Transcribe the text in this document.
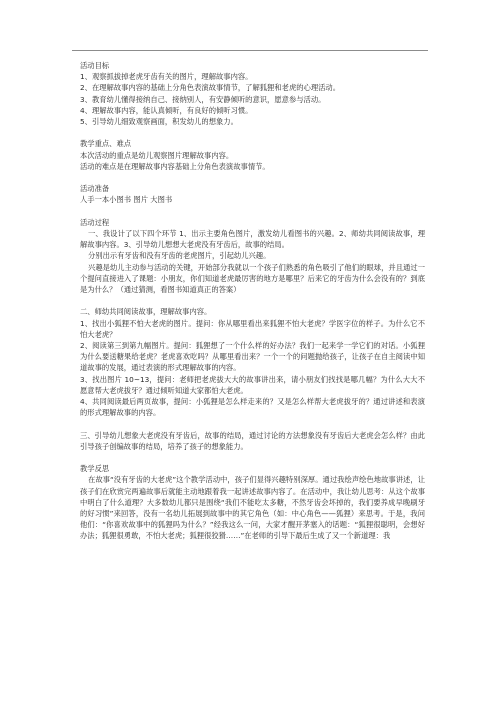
活动目标
1、观察抓拔掉老虎牙齿有关的图片，理解故事内容。
2、在理解故事内容的基础上分角色表演故事情节，了解狐狸和老虎的心理活动。
3、教育幼儿懂得接纳自己、接纳别人，有安静倾听的意识，愿意参与活动。
4、理解故事内容，能认真倾听，有良好的倾听习惯。
5、引导幼儿细致观察画面，积发幼儿的想象力。
教学重点、难点
本次活动的重点是幼儿观察图片理解故事内容。
活动的难点是在理解故事内容基础上分角色表演故事情节。
活动准备
人手一本小图书 图片 大图书
活动过程

一、我设计了以下四个环节 1、出示主要角色图片，激发幼儿看图书的兴趣。2、师幼共同阅读故事，理解故事内容。3、引导幼儿想想大老虎没有牙齿后，故事的结局。

分别出示有牙齿和没有牙齿的老虎图片，引起幼儿兴趣。

兴趣是幼儿主动参与活动的关键，开始部分我就以一个孩子们熟悉的角色吸引了他们的眼球，并且通过一个提问直接进入了课题：小朋友，你们知道老虎最厉害的地方是哪里？后来它的牙齿为什么会没有的？到底是为什么？（通过猜测，看图书知道真正的答案）

二、师幼共同阅读故事，理解故事内容。

1、找出小狐狸不怕大老虎的图片。提问：你从哪里看出来狐狸不怕大老虎？学医字位的样子。为什么它不怕大老虎？

2、阅读第三到第九幅图片。提问：狐狸想了一个什么样的好办法？我们一起来学一学它们的对话。小狐狸为什么要送糖果给老虎？老虎喜欢吃吗？从哪里看出来？一个一个的问题抛给孩子，让孩子在自主阅读中知道故事的发展，通过表演的形式理解故事的内容。

3、找出图片 10~13，提问：老师把老虎拔大大的故事讲出来，请小朋友们找找是哪几幅？为什么大大不愿意帮大老虎拔牙？通过倾听知道大家都怕大老虎。

4、共同阅读最后两页故事，提问：小狐狸是怎么样走来的？又是怎么样帮大老虎拔牙的？通过讲述和表演的形式理解故事的内容。

三、引导幼儿想象大老虎没有牙齿后，故事的结局，通过讨论的方法想象没有牙齿后大老虎会怎么样？由此引导孩子创编故事的结局，培养了孩子的想象能力。

教学反思

在故事“没有牙齿的大老虎”这个教学活动中，孩子们显得兴趣特别深厚。通过我绘声绘色地故事讲述，让孩子们在欣赏完两遍故事后就能主动地跟着我一起讲述故事内容了。在活动中，我让幼儿思考：从这个故事中明白了什么道理？大多数幼儿都只是围绕“我们不能吃太多糖，不然牙齿会坏掉的，我们要养成早晚刷牙的好习惯”来回答，没有一名幼儿拓展到故事中的其它角色（如：中心角色——狐狸）来思考。于是，我问他们：“你喜欢故事中的狐狸吗为什么？”经我这么一问，大家才醒开茅塞入的话题：“狐狸很聪明，会想好办法；狐狸很勇敢，不怕大老虎；狐狸很狡猾……”在老师的引导下最后生成了又一个新道理：我
